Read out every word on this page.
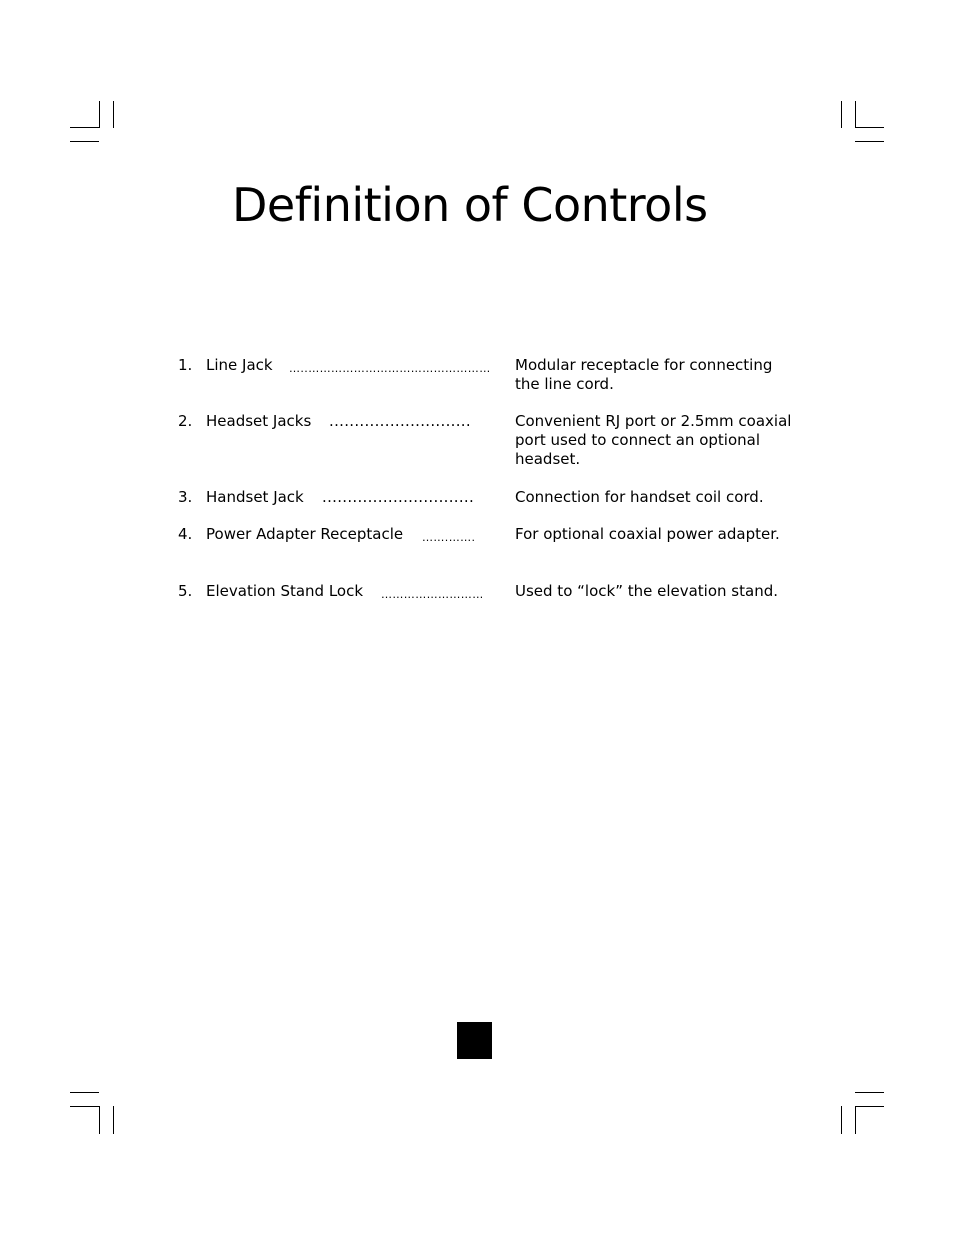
Definition of Controls
1. Line Jack …..………………………………………… Modular receptacle for connecting the line cord.
2. Headset Jacks ............................	Convenient RJ port or 2.5mm coaxial port used to connect an optional headset.
3. Handset Jack ..............................	Connection for handset coil cord.
4. Power Adapter Receptacle …….…….	For optional coaxial power adapter.
5. Elevation Stand Lock ……………………… Used to “lock” the elevation stand.
